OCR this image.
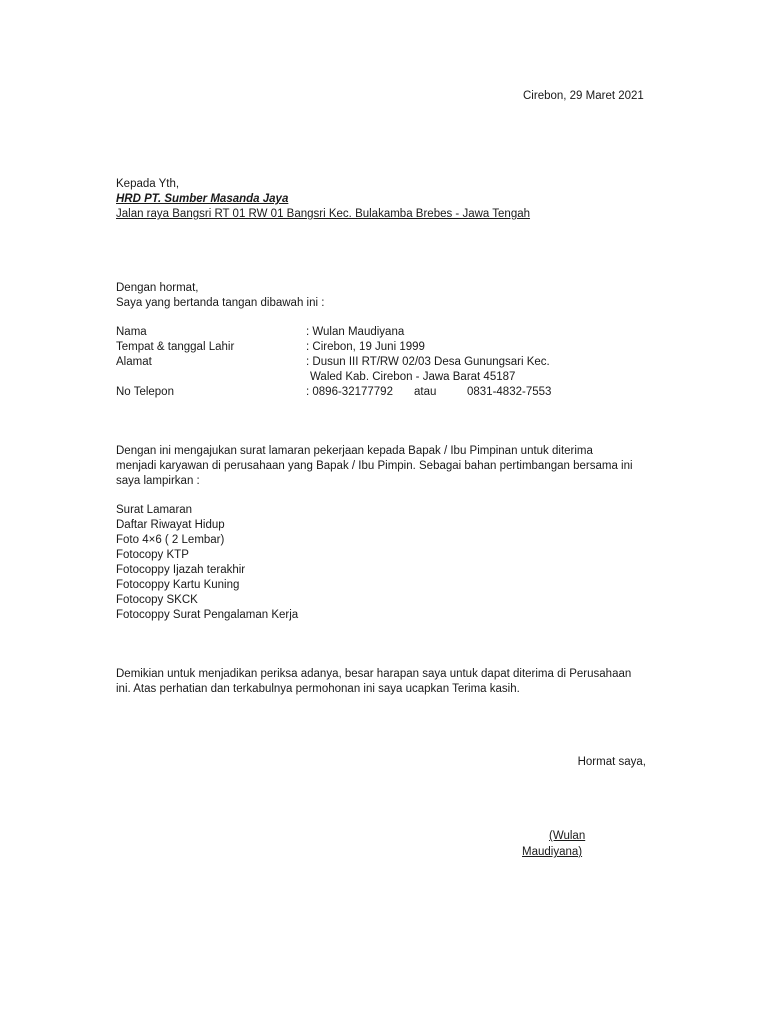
Cirebon, 29 Maret 2021
Kepada Yth,
HRD PT. Sumber Masanda Jaya
Jalan raya Bangsri RT 01 RW 01 Bangsri Kec. Bulakamba Brebes - Jawa Tengah
Dengan hormat,
Saya yang bertanda tangan dibawah ini :
Nama	: Wulan Maudiyana
Tempat & tanggal Lahir	: Cirebon, 19 Juni 1999
Alamat	: Dusun III RT/RW 02/03 Desa Gunungsari Kec.
Waled Kab. Cirebon - Jawa Barat 45187
No Telepon	: 0896-32177792 atau	0831-4832-7553
Dengan ini mengajukan surat lamaran pekerjaan kepada Bapak / Ibu Pimpinan untuk diterima
menjadi karyawan di perusahaan yang Bapak / Ibu Pimpin. Sebagai bahan pertimbangan bersama ini
saya lampirkan :
Surat Lamaran
Daftar Riwayat Hidup
Foto 4×6 ( 2 Lembar)
Fotocopy KTP
Fotocoppy Ijazah terakhir
Fotocoppy Kartu Kuning
Fotocopy SKCK
Fotocoppy Surat Pengalaman Kerja
Demikian untuk menjadikan periksa adanya, besar harapan saya untuk dapat diterima di Perusahaan
ini. Atas perhatian dan terkabulnya permohonan ini saya ucapkan Terima kasih.
Hormat saya,
(Wulan
Maudiyana)
